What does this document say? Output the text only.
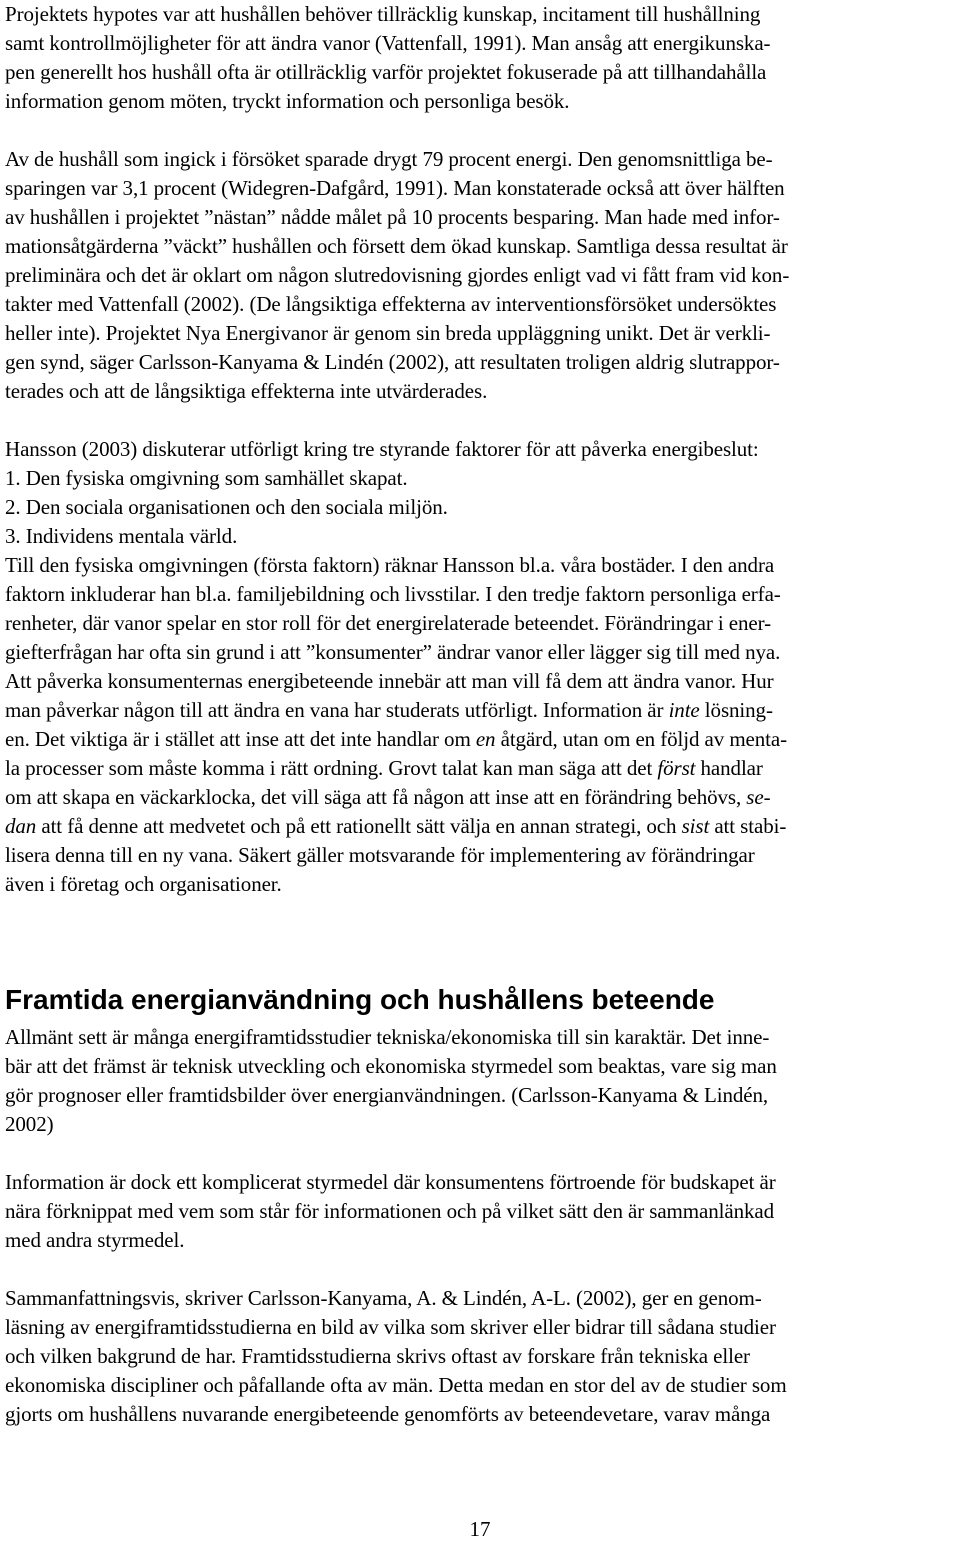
Projektets hypotes var att hushållen behöver tillräcklig kunskap, incitament till hushållning
samt kontrollmöjligheter för att ändra vanor (Vattenfall, 1991). Man ansåg att energikunska-
pen generellt hos hushåll ofta är otillräcklig varför projektet fokuserade på att tillhandahålla
information genom möten, tryckt information och personliga besök.
Av de hushåll som ingick i försöket sparade drygt 79 procent energi. Den genomsnittliga be-
sparingen var 3,1 procent (Widegren-Dafgård, 1991). Man konstaterade också att över hälften
av hushållen i projektet ”nästan” nådde målet på 10 procents besparing. Man hade med infor-
mationsåtgärderna ”väckt” hushållen och försett dem ökad kunskap. Samtliga dessa resultat är
preliminära och det är oklart om någon slutredovisning gjordes enligt vad vi fått fram vid kon-
takter med Vattenfall (2002). (De långsiktiga effekterna av interventionsförsöket undersöktes
heller inte). Projektet Nya Energivanor är genom sin breda uppläggning unikt. Det är verkli-
gen synd, säger Carlsson-Kanyama & Lindén (2002), att resultaten troligen aldrig slutrappor-
terades och att de långsiktiga effekterna inte utvärderades.
Hansson (2003) diskuterar utförligt kring tre styrande faktorer för att påverka energibeslut:
1. Den fysiska omgivning som samhället skapat.
2. Den sociala organisationen och den sociala miljön.
3. Individens mentala värld.
Till den fysiska omgivningen (första faktorn) räknar Hansson bl.a. våra bostäder. I den andra
faktorn inkluderar han bl.a. familjebildning och livsstilar. I den tredje faktorn personliga erfa-
renheter, där vanor spelar en stor roll för det energirelaterade beteendet. Förändringar i ener-
giefterfrågan har ofta sin grund i att ”konsumenter” ändrar vanor eller lägger sig till med nya.
Att påverka konsumenternas energibeteende innebär att man vill få dem att ändra vanor. Hur
man påverkar någon till att ändra en vana har studerats utförligt. Information är inte lösning-
en. Det viktiga är i stället att inse att det inte handlar om en åtgärd, utan om en följd av menta-
la processer som måste komma i rätt ordning. Grovt talat kan man säga att det först handlar
om att skapa en väckarklocka, det vill säga att få någon att inse att en förändring behövs, se-
dan att få denne att medvetet och på ett rationellt sätt välja en annan strategi, och sist att stabi-
lisera denna till en ny vana. Säkert gäller motsvarande för implementering av förändringar
även i företag och organisationer.
Framtida energianvändning och hushållens beteende
Allmänt sett är många energiframtidsstudier tekniska/ekonomiska till sin karaktär. Det inne-
bär att det främst är teknisk utveckling och ekonomiska styrmedel som beaktas, vare sig man
gör prognoser eller framtidsbilder över energianvändningen. (Carlsson-Kanyama & Lindén,
2002)
Information är dock ett komplicerat styrmedel där konsumentens förtroende för budskapet är
nära förknippat med vem som står för informationen och på vilket sätt den är sammanlänkad
med andra styrmedel.
Sammanfattningsvis, skriver Carlsson-Kanyama, A. & Lindén, A-L. (2002), ger en genom-
läsning av energiframtidsstudierna en bild av vilka som skriver eller bidrar till sådana studier
och vilken bakgrund de har. Framtidsstudierna skrivs oftast av forskare från tekniska eller
ekonomiska discipliner och påfallande ofta av män. Detta medan en stor del av de studier som
gjorts om hushållens nuvarande energibeteende genomförts av beteendevetare, varav många
17
